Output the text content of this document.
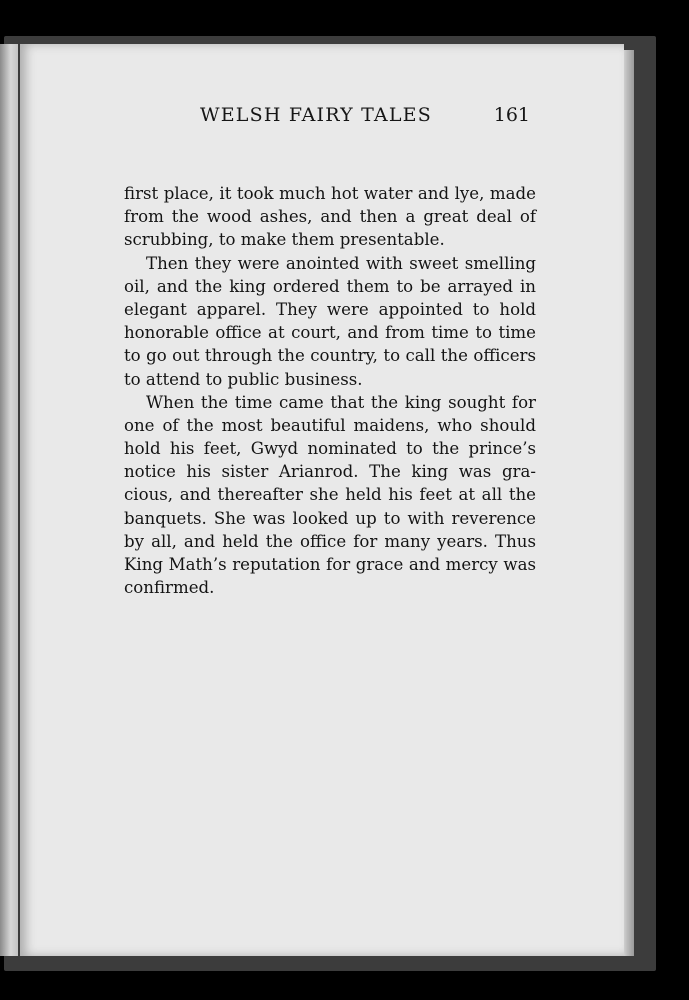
WELSH FAIRY TALES	161
first place, it took much hot water and lye, made
from the wood ashes, and then a great deal of
scrubbing, to make them presentable.
Then they were anointed with sweet smelling
oil, and the king ordered them to be arrayed in
elegant apparel. They were appointed to hold
honorable office at court, and from time to time
to go out through the country, to call the officers
to attend to public business.
When the time came that the king sought for
one of the most beautiful maidens, who should
hold his feet, Gwyd nominated to the prince’s
notice his sister Arianrod. The king was gra-
cious, and thereafter she held his feet at all the
banquets. She was looked up to with reverence
by all, and held the office for many years. Thus
King Math’s reputation for grace and mercy was
confirmed.
